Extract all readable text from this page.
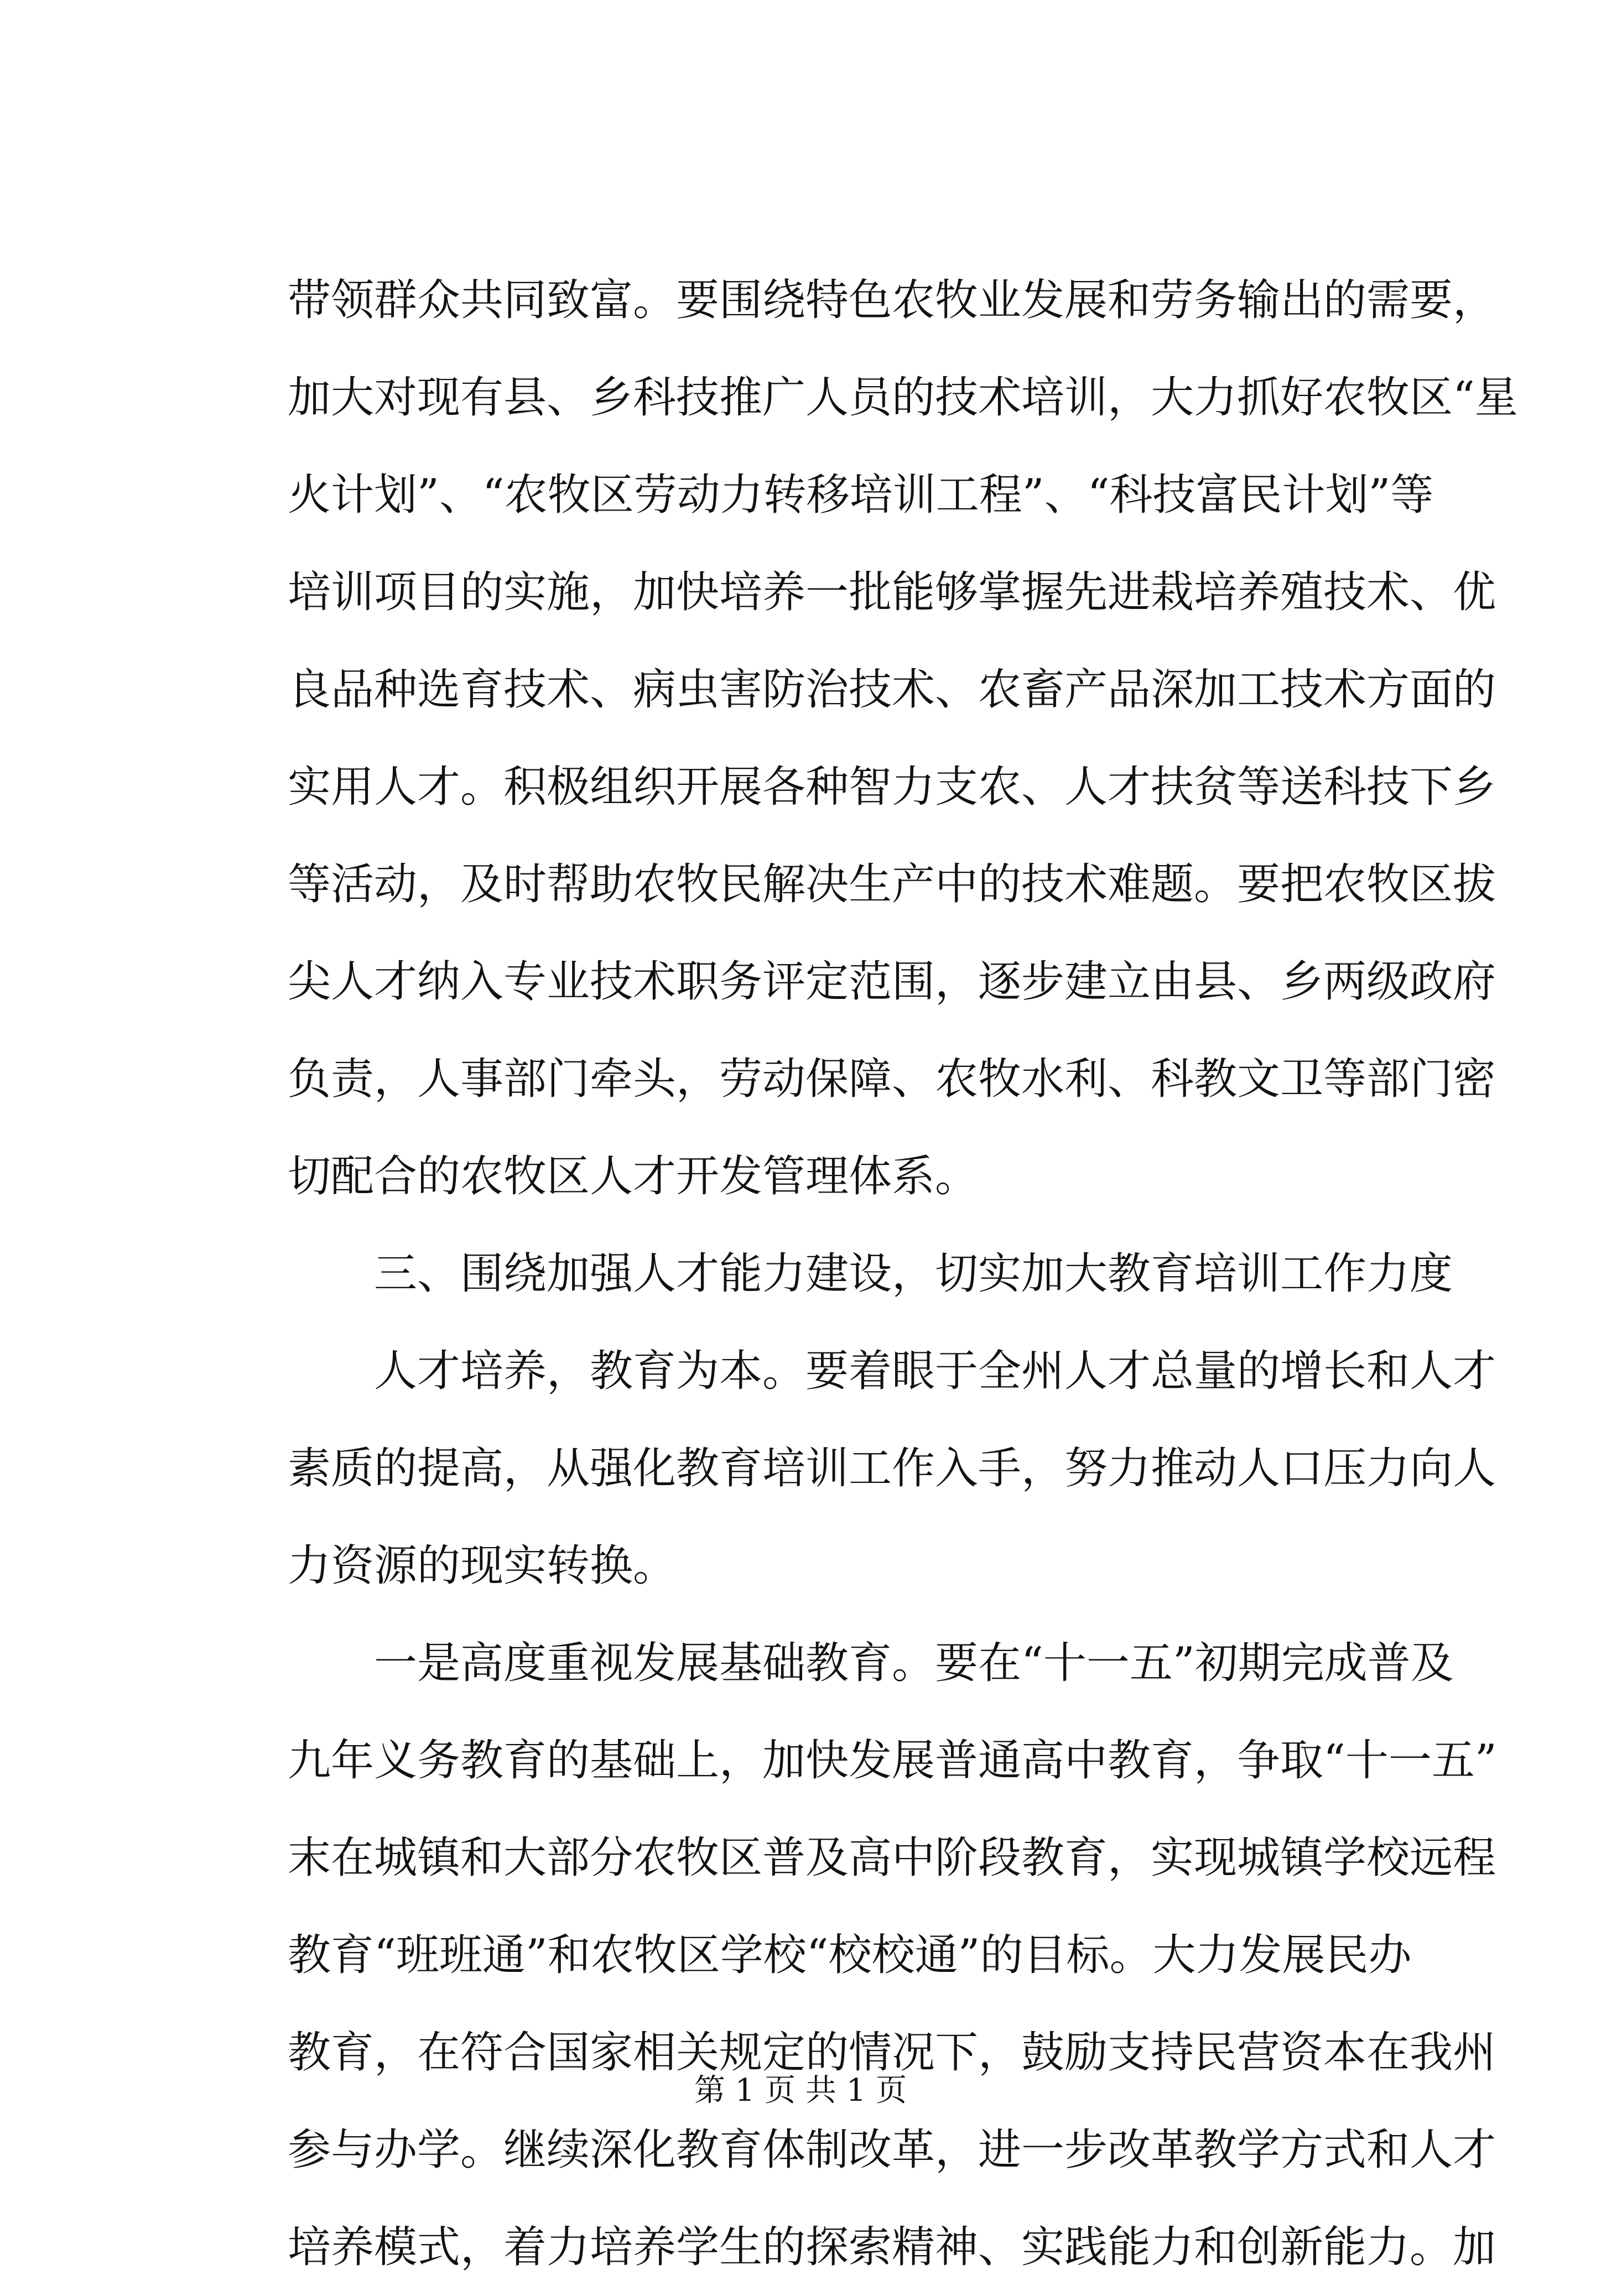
带领群众共同致富。要围绕特色农牧业发展和劳务输出的需要，
加大对现有县、乡科技推广人员的技术培训，大力抓好农牧区“星
火计划”、“农牧区劳动力转移培训工程”、“科技富民计划”等
培训项目的实施，加快培养一批能够掌握先进栽培养殖技术、优
良品种选育技术、病虫害防治技术、农畜产品深加工技术方面的
实用人才。积极组织开展各种智力支农、人才扶贫等送科技下乡
等活动，及时帮助农牧民解决生产中的技术难题。要把农牧区拔
尖人才纳入专业技术职务评定范围，逐步建立由县、乡两级政府
负责，人事部门牵头，劳动保障、农牧水利、科教文卫等部门密
切配合的农牧区人才开发管理体系。
三、围绕加强人才能力建设，切实加大教育培训工作力度
人才培养，教育为本。要着眼于全州人才总量的增长和人才
素质的提高，从强化教育培训工作入手，努力推动人口压力向人
力资源的现实转换。
一是高度重视发展基础教育。要在“十一五”初期完成普及
九年义务教育的基础上，加快发展普通高中教育，争取“十一五”
末在城镇和大部分农牧区普及高中阶段教育，实现城镇学校远程
教育“班班通”和农牧区学校“校校通”的目标。大力发展民办
教育，在符合国家相关规定的情况下，鼓励支持民营资本在我州
参与办学。继续深化教育体制改革，进一步改革教学方式和人才
培养模式，着力培养学生的探索精神、实践能力和创新能力。加
第 1 页 共 1 页
